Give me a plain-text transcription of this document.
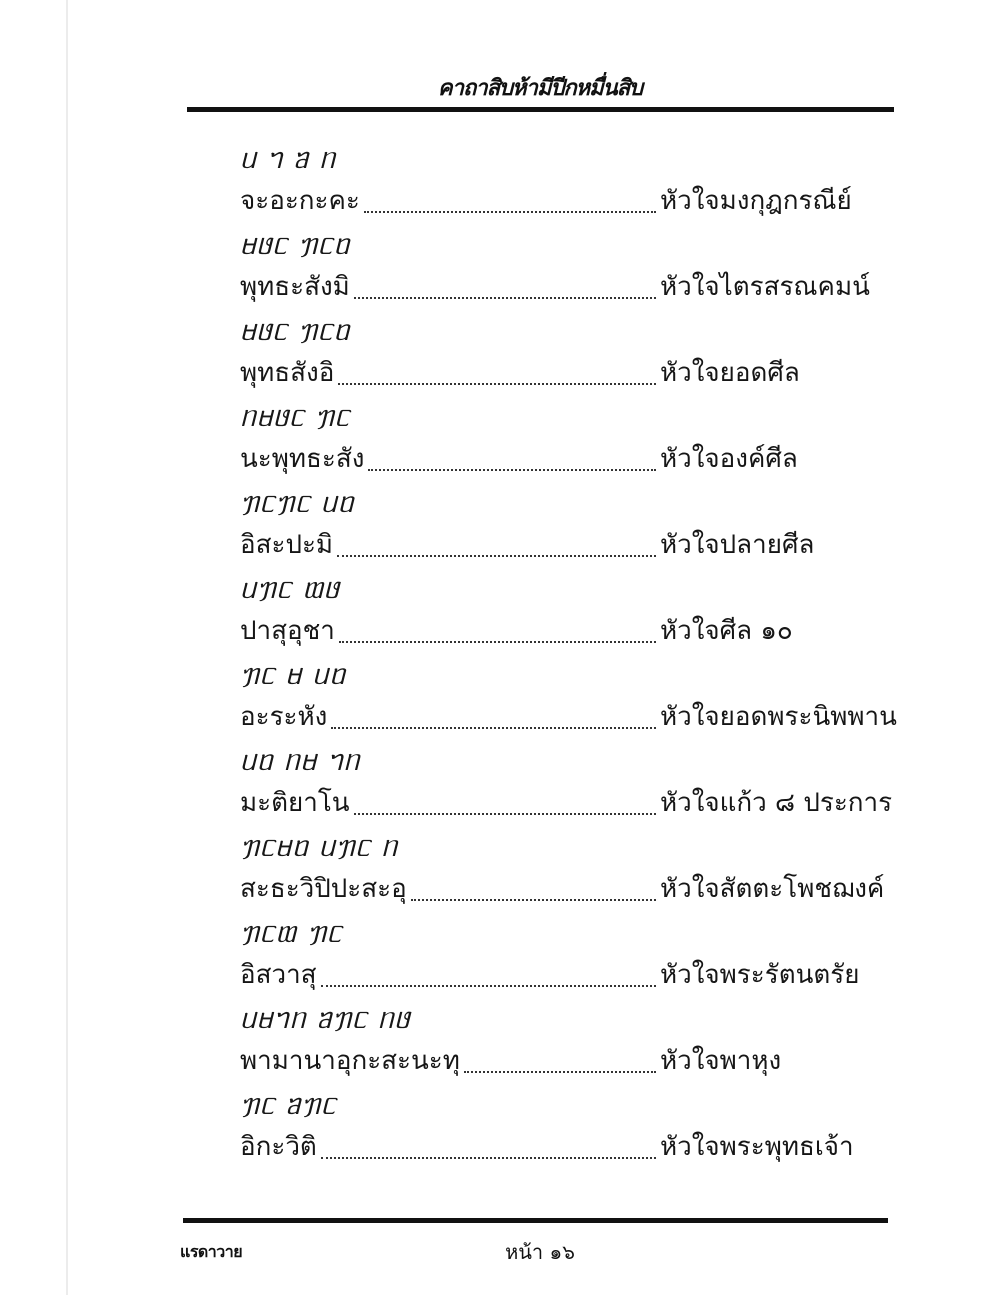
คาถาสิบห้ามีปีกหมื่นสิบ
ᥙ ᥐ ᥑ ᥒ
จะอะกะคะ	หัวใจมงกุฎกรณีย์
ᥛᥳᥴ ᥟᥴᥝ
พุทธะสังมิ	หัวใจไตรสรณคมน์
ᥛᥳᥴ ᥟᥴᥝ
พุทธสังอิ	หัวใจยอดศีล
ᥒᥛᥳᥴ ᥟᥴ
นะพุทธะสัง	หัวใจองค์ศีล
ᥟᥴᥟᥴ ᥙᥝ
อิสะปะมิ	หัวใจปลายศีล
ᥙᥟᥴ ᥗᥳ
ปาสุอุชา	หัวใจศีล ๑๐
ᥟᥴ ᥛ ᥙᥝ
อะระหัง	หัวใจยอดพระนิพพาน
ᥙᥝ ᥒᥛ ᥐᥒ
มะติยาโน	หัวใจแก้ว ๘ ประการ
ᥟᥴᥛᥝ ᥙᥟᥴ ᥒ
สะธะวิปิปะสะอุ	หัวใจสัตตะโพชฌงค์
ᥟᥴᥗ ᥟᥴ
อิสวาสุ	หัวใจพระรัตนตรัย
ᥙᥛᥐᥒ ᥑᥟᥴ ᥒᥳ
พามานาอุกะสะนะทุ	หัวใจพาหุง
ᥟᥴ ᥑᥟᥴ
อิกะวิติ	หัวใจพระพุทธเจ้า
แรดาวาย	หน้า ๑๖
